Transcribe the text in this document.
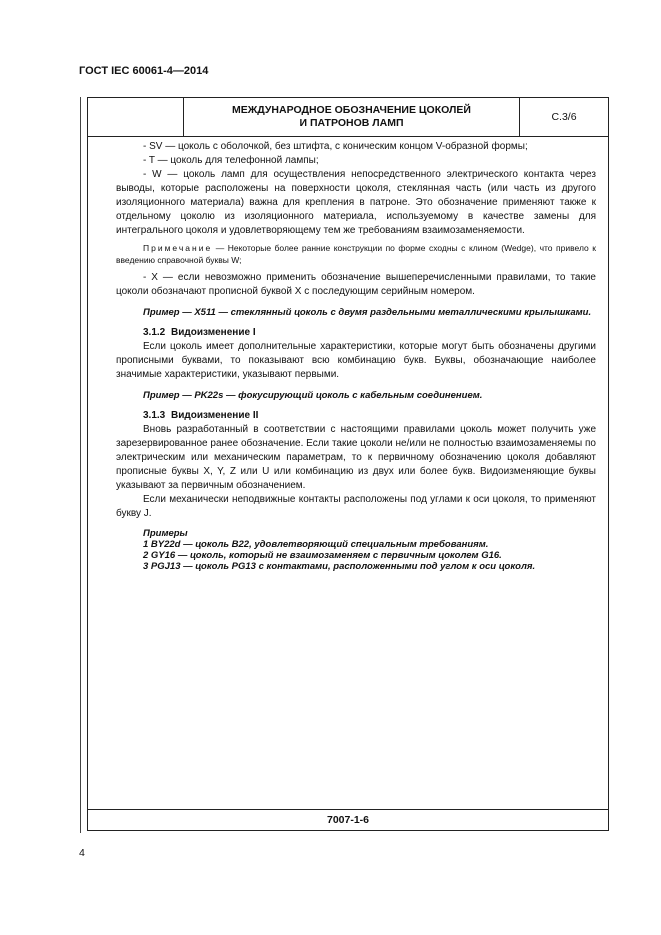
ГОСТ IEC 60061-4—2014
МЕЖДУНАРОДНОЕ ОБОЗНАЧЕНИЕ ЦОКОЛЕЙ
И ПАТРОНОВ ЛАМП	C.3/6

- SV — цоколь с оболочкой, без штифта, с коническим концом V-образной формы;

- T — цоколь для телефонной лампы;

- W — цоколь ламп для осуществления непосредственного электрического контакта через выводы, которые расположены на поверхности цоколя, стеклянная часть (или часть из другого изоляционного материала) важна для крепления в патроне. Это обозначение применяют также к отдельному цоколю из изоляционного материала, используемому в качестве замены для интегрального цоколя и удовлетворяющему тем же требованиям взаимозаменяемости.

Примечание — Некоторые более ранние конструкции по форме сходны с клином (Wedge), что привело к введению справочной буквы W;

- X — если невозможно применить обозначение вышеперечисленными правилами, то такие цоколи обозначают прописной буквой X с последующим серийным номером.

Пример — X511 — стеклянный цоколь с двумя раздельными металлическими крылышками.

3.1.2 Видоизменение I

Если цоколь имеет дополнительные характеристики, которые могут быть обозначены другими прописными буквами, то показывают всю комбинацию букв. Буквы, обозначающие наиболее значимые характеристики, указывают первыми.

Пример — PK22s — фокусирующий цоколь с кабельным соединением.

3.1.3 Видоизменение II

Вновь разработанный в соответствии с настоящими правилами цоколь может получить уже зарезервированное ранее обозначение. Если такие цоколи не/или не полностью взаимозаменяемы по электрическим или механическим параметрам, то к первичному обозначению цоколя добавляют прописные буквы X, Y, Z или U или комбинацию из двух или более букв. Видоизменяющие буквы указывают за первичным обозначением.

Если механически неподвижные контакты расположены под углами к оси цоколя, то применяют букву J.

Примеры
1 BY22d — цоколь B22, удовлетворяющий специальным требованиям.
2 GY16 — цоколь, который не взаимозаменяем с первичным цоколем G16.
3 PGJ13 — цоколь PG13 с контактами, расположенными под углом к оси цоколя.
7007-1-6
4
